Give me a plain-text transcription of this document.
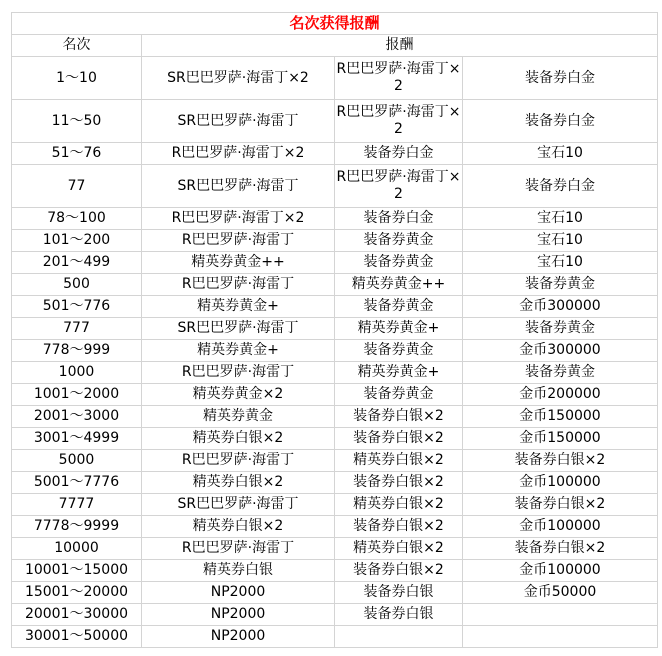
名次获得报酬			
名次	报酬		
1～10	SR巴巴罗萨·海雷丁×2	R巴巴罗萨·海雷丁×2	装备券白金
11～50	SR巴巴罗萨·海雷丁	R巴巴罗萨·海雷丁×2	装备券白金
51～76	R巴巴罗萨·海雷丁×2	装备券白金	宝石10
77	SR巴巴罗萨·海雷丁	R巴巴罗萨·海雷丁×2	装备券白金
78～100	R巴巴罗萨·海雷丁×2	装备券白金	宝石10
101～200	R巴巴罗萨·海雷丁	装备券黄金	宝石10
201～499	精英券黄金++	装备券黄金	宝石10
500	R巴巴罗萨·海雷丁	精英券黄金++	装备券黄金
501～776	精英券黄金+	装备券黄金	金币300000
777	SR巴巴罗萨·海雷丁	精英券黄金+	装备券黄金
778～999	精英券黄金+	装备券黄金	金币300000
1000	R巴巴罗萨·海雷丁	精英券黄金+	装备券黄金
1001～2000	精英券黄金×2	装备券黄金	金币200000
2001～3000	精英券黄金	装备券白银×2	金币150000
3001～4999	精英券白银×2	装备券白银×2	金币150000
5000	R巴巴罗萨·海雷丁	精英券白银×2	装备券白银×2
5001～7776	精英券白银×2	装备券白银×2	金币100000
7777	SR巴巴罗萨·海雷丁	精英券白银×2	装备券白银×2
7778～9999	精英券白银×2	装备券白银×2	金币100000
10000	R巴巴罗萨·海雷丁	精英券白银×2	装备券白银×2
10001～15000	精英券白银	装备券白银×2	金币100000
15001～20000	NP2000	装备券白银	金币50000
20001～30000	NP2000	装备券白银	
30001～50000	NP2000		
